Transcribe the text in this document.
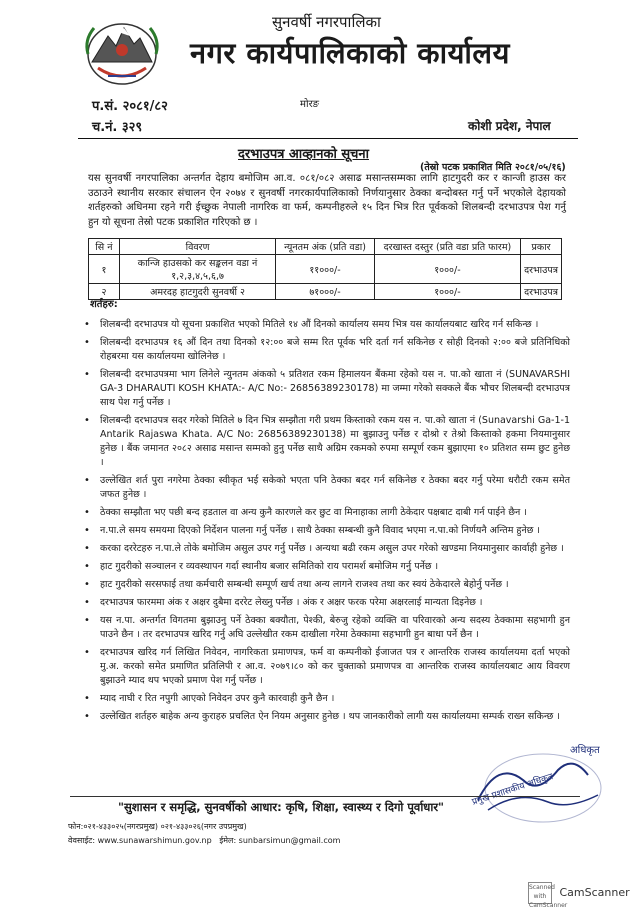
सुनवर्षी नगरपालिका
नगर कार्यपालिकाको कार्यालय
मोरङ
प.सं. २०८१/८२
च.नं. ३२९	कोशी प्रदेश, नेपाल
दरभाउपत्र आव्हानको सूचना
(तेस्रो पटक प्रकाशित मिति २०८१/०५/१६)
यस सुनवर्षी नगरपालिका अन्तर्गत देहाय बमोजिम आ.व. ०८१/०८२ असाढ मसान्तसम्मका लागि हाटगुदरी कर र कान्जी हाउस कर उठाउने स्थानीय सरकार संचालन ऐन २०७४ र सुनवर्षी नगरकार्यपालिकाको निर्णयानुसार ठेक्का बन्दोबस्त गर्नु पर्ने भएकोले देहायको शर्तहरुको अधिनमा रहने गरी ईच्छुक नेपाली नागरिक वा फर्म, कम्पनीहरुले १५ दिन भित्र रित पूर्वकको शिलबन्दी दरभाउपत्र पेश गर्नु हुन यो सूचना तेस्रो पटक प्रकाशित गरिएको छ ।
सि नं	विवरण	न्यूनतम अंक (प्रति वडा)	दरखास्त दस्तुर (प्रति वडा प्रति फारम)	प्रकार
१	कान्जि हाउसको कर सङ्कलन वडा नं १,२,३,४,५,६,७	११०००/-	१०००/-	दरभाउपत्र
२	अमरदह हाटगुदरी सुनवर्षी २	७१०००/-	१०००/-	दरभाउपत्र
शर्तहरु:
• शिलबन्दी दरभाउपत्र यो सूचना प्रकाशित भएको मितिले १४ औं दिनको कार्यालय समय भित्र यस कार्यालयबाट खरिद गर्न सकिन्छ ।
• शिलबन्दी दरभाउपत्र १६ औं दिन तथा दिनको १२:०० बजे सम्म रित पूर्वक भरि दर्ता गर्न सकिनेछ र सोही दिनको २:०० बजे प्रतिनिधिको रोहबरमा यस कार्यालयमा खोलिनेछ ।
• शिलबन्दी दरभाउपत्रमा भाग लिनेले न्युनतम अंकको ५ प्रतिशत रकम हिमालयन बैंकमा रहेको यस न. पा.को खाता नं (SUNAVARSHI GA-3 DHARAUTI KOSH KHATA:- A/C No:- 26856389230178) मा जम्मा गरेको सक्कले बैंक भौचर शिलबन्दी दरभाउपत्र साथ पेश गर्नु पर्नेछ ।
• शिलबन्दी दरभाउपत्र सदर गरेको मितिले ७ दिन भित्र सम्झौता गरी प्रथम किस्ताको रकम यस न. पा.को खाता नं (Sunavarshi Ga-1-1 Antarik Rajaswa Khata. A/C No: 26856389230138) मा बुझाउनु पर्नेछ र दोश्रो र तेश्रो किस्ताको हकमा नियमानुसार हुनेछ । बैंक जमानत २०८२ असाढ मसान्त सम्मको हुनु पर्नेछ साथै अग्रिम रकमको रुपमा सम्पूर्ण रकम बुझाएमा १० प्रतिशत सम्म छुट हुनेछ ।
• उल्लेखित शर्त पुरा नगरेमा ठेक्का स्वीकृत भई सकेको भएता पनि ठेक्का बदर गर्न सकिनेछ र ठेक्का बदर गर्नु परेमा धरौटी रकम समेत जफत हुनेछ ।
• ठेक्का सम्झौता भए पछी बन्द हडताल वा अन्य कुनै कारणले कर छुट वा मिनाहाका लागी ठेकेदार पक्षबाट दाबी गर्न पाईने छैन ।
• न.पा.ले समय समयमा दिएको निर्देशन पालना गर्नु पर्नेछ । साथै ठेक्का सम्बन्धी कुनै विवाद भएमा न.पा.को निर्णयनै अन्तिम हुनेछ ।
• करका दररेटहरु न.पा.ले तोके बमोजिम असुल उपर गर्नु पर्नेछ । अन्यथा बढी रकम असुल उपर गरेको खण्डमा नियमानुसार कार्वाही हुनेछ ।
• हाट गुदरीको सञ्चालन र व्यवस्थापन गर्दा स्थानीय बजार समितिको राय परामर्श बमोजिम गर्नु पर्नेछ ।
• हाट गुदरीको सरसफाई तथा कर्मचारी सम्बन्धी सम्पूर्ण खर्च तथा अन्य लागने राजश्व तथा कर स्वयं ठेकेदारले बेहोर्नु पर्नेछ ।
• दरभाउपत्र फारममा अंक र अक्षर दुबैमा दररेट लेख्नु पर्नेछ । अंक र अक्षर फरक परेमा अक्षरलाई मान्यता दिइनेछ ।
• यस न.पा. अन्तर्गत विगतमा बुझाउनु पर्ने ठेक्का बक्यौता, पेश्की, बेरुजु रहेको व्यक्ति वा परिवारको अन्य सदस्य ठेक्कामा सहभागी हुन पाउने छैन । तर दरभाउपत्र खरिद गर्नु अघि उल्लेखीत रकम दाखीला गरेमा ठेक्कामा सहभागी हुन बाधा पर्ने छैन ।
• दरभाउपत्र खरिद गर्न लिखित निवेदन, नागरिकता प्रमाणपत्र, फर्म वा कम्पनीको ईजाजत पत्र र आन्तरिक राजस्व कार्यालयमा दर्ता भएको मु.अ. करको समेत प्रमाणित प्रतिलिपी र आ.व. २०७९।८० को कर चुक्ताको प्रमाणपत्र वा आन्तरिक राजस्व कार्यालयबाट आय विवरण बुझाउने म्याद थप भएको प्रमाण पेश गर्नु पर्नेछ ।
• म्याद नाघी र रित नपुगी आएको निवेदन उपर कुनै कारवाही कुनै छैन ।
• उल्लेखित शर्तहरु बाहेक अन्य कुराहरु प्रचलित ऐन नियम अनुसार हुनेछ । थप जानकारीको लागी यस कार्यालयमा सम्पर्क राख्न सकिन्छ ।
अधिकृत
प्रमुख प्रशासकीय अधिकृत
"सुशासन र समृद्धि, सुनवर्षीको आधार: कृषि, शिक्षा, स्वास्थ्य र दिगो पूर्वाधार"
फोन:०२१-४३३०२५(नगरप्रमुख) ०२१-४३३०२६(नगर उपप्रमुख)
वेवसाईट: www.sunawarshimun.gov.np ईमेल: sunbarsimun@gmail.com
Scanned with CamScanner CamScanner
